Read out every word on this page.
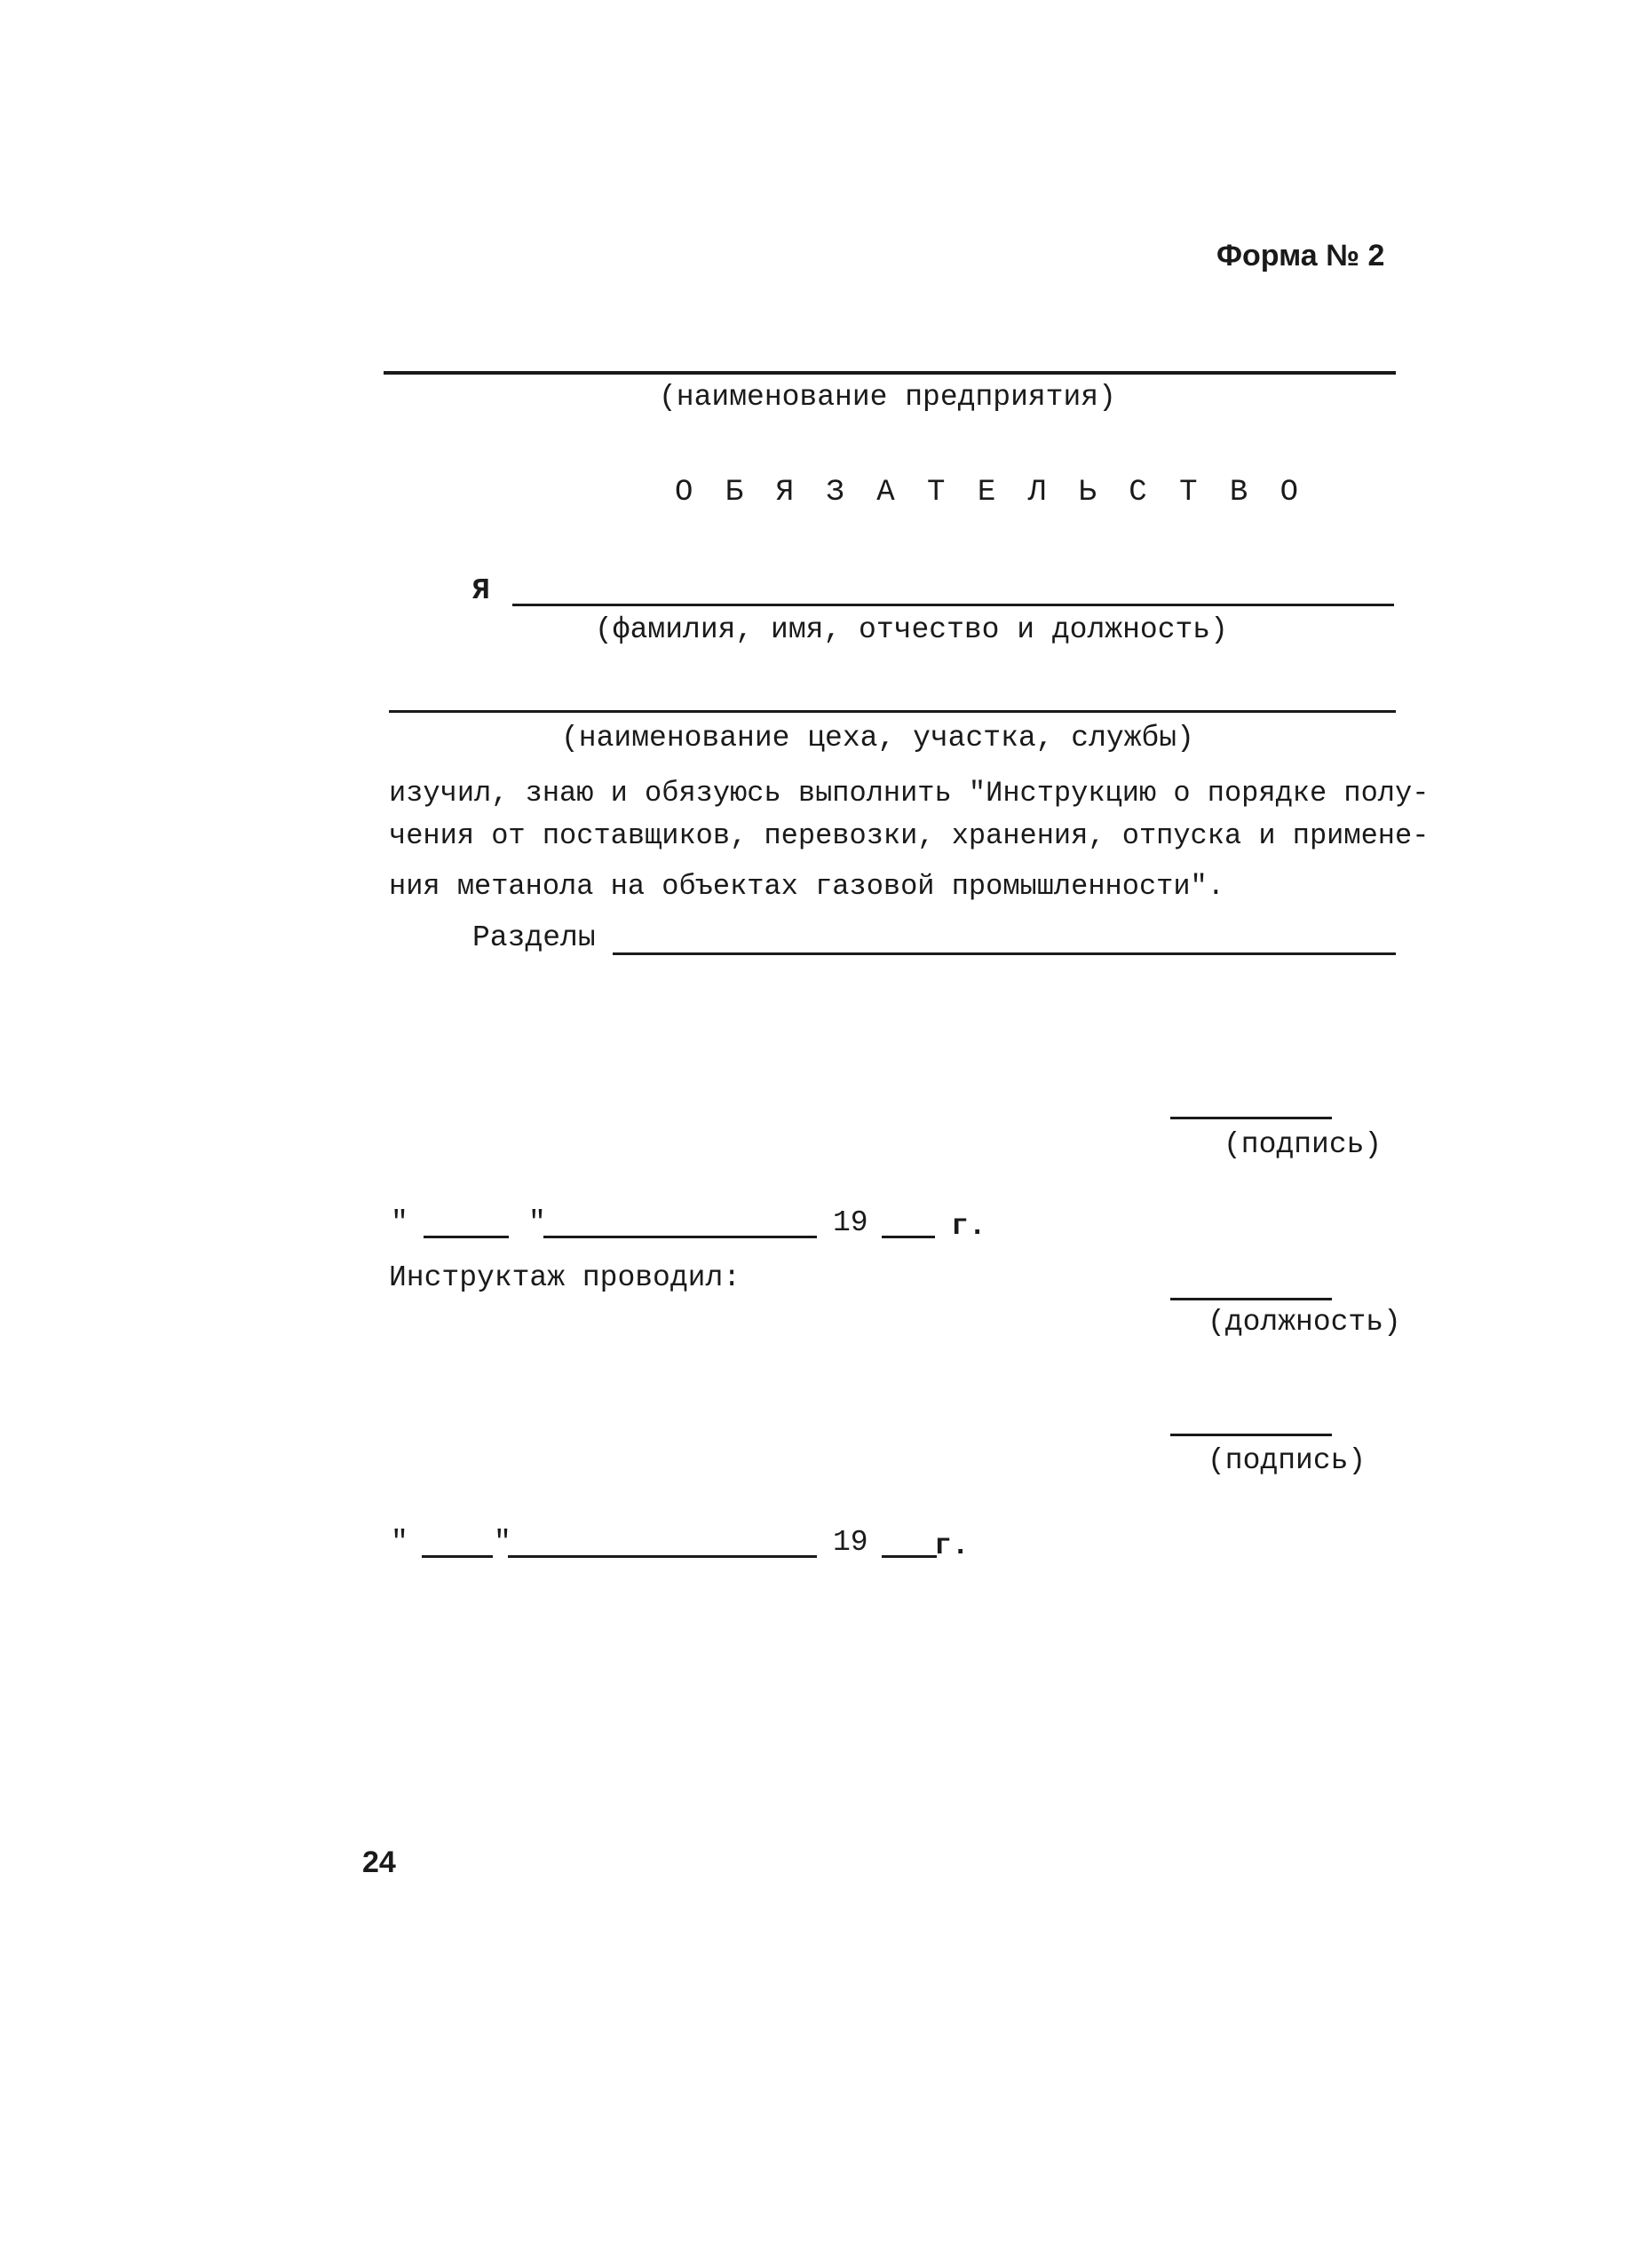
Форма № 2
(наименование предприятия)
О Б Я З А Т Е Л Ь С Т В О
Я
(фамилия, имя, отчество и должность)
(наименование цеха, участка, службы)
изучил, знаю и обязуюсь выполнить "Инструкцию о порядке полу-
чения от поставщиков, перевозки, хранения, отпуска и примене-
ния метанола на объектах газовой промышленности".
Разделы
(подпись)
"	"	19	г.
Инструктаж проводил:
(должность)
(подпись)
"	"	19 г.
24
